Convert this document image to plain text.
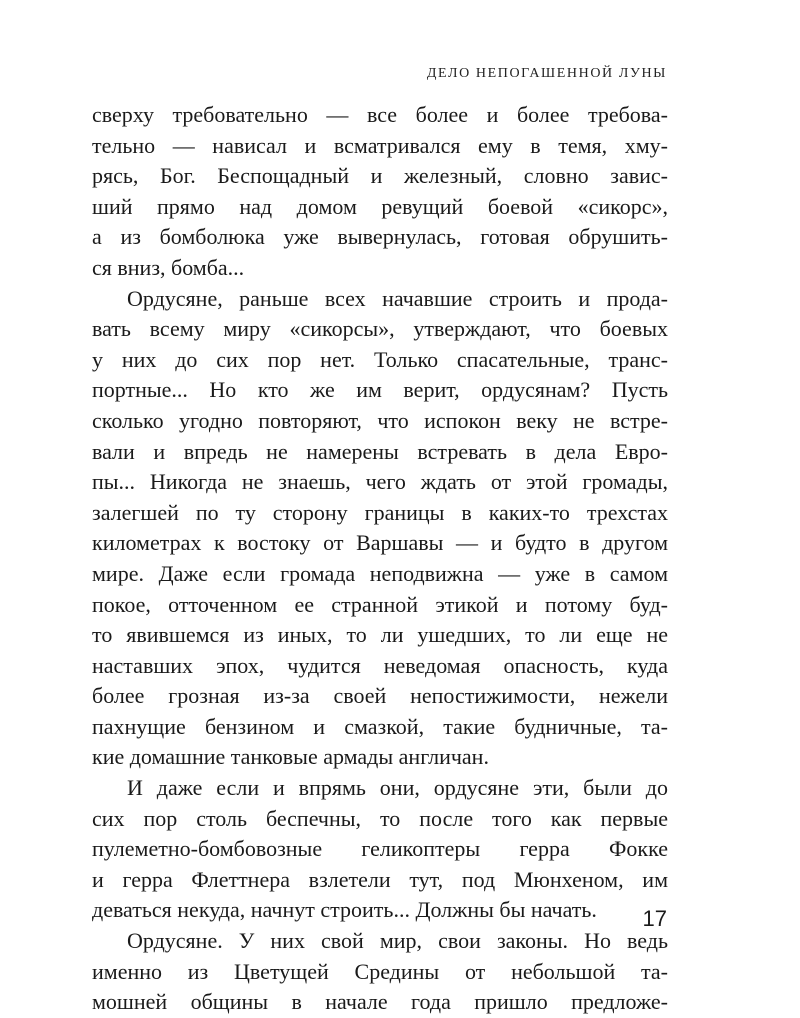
ДЕЛО НЕПОГАШЕННОЙ ЛУНЫ
сверху требовательно — все более и более требова-
тельно — нависал и всматривался ему в темя, хму-
рясь, Бог. Беспощадный и железный, словно завис-
ший прямо над домом ревущий боевой «сикорс»,
а из бомболюка уже вывернулась, готовая обрушить-
ся вниз, бомба...
Ордусяне, раньше всех начавшие строить и прода-
вать всему миру «сикорсы», утверждают, что боевых
у них до сих пор нет. Только спасательные, транс-
портные... Но кто же им верит, ордусянам? Пусть
сколько угодно повторяют, что испокон веку не встре-
вали и впредь не намерены встревать в дела Евро-
пы... Никогда не знаешь, чего ждать от этой громады,
залегшей по ту сторону границы в каких-то трехстах
километрах к востоку от Варшавы — и будто в другом
мире. Даже если громада неподвижна — уже в самом
покое, отточенном ее странной этикой и потому буд-
то явившемся из иных, то ли ушедших, то ли еще не
наставших эпох, чудится неведомая опасность, куда
более грозная из-за своей непостижимости, нежели
пахнущие бензином и смазкой, такие будничные, та-
кие домашние танковые армады англичан.
И даже если и впрямь они, ордусяне эти, были до
сих пор столь беспечны, то после того как первые
пулеметно-бомбовозные геликоптеры герра Фокке
и герра Флеттнера взлетели тут, под Мюнхеном, им
деваться некуда, начнут строить... Должны бы начать.
Ордусяне. У них свой мир, свои законы. Но ведь
именно из Цветущей Средины от небольшой та-
мошней общины в начале года пришло предложе-
17
